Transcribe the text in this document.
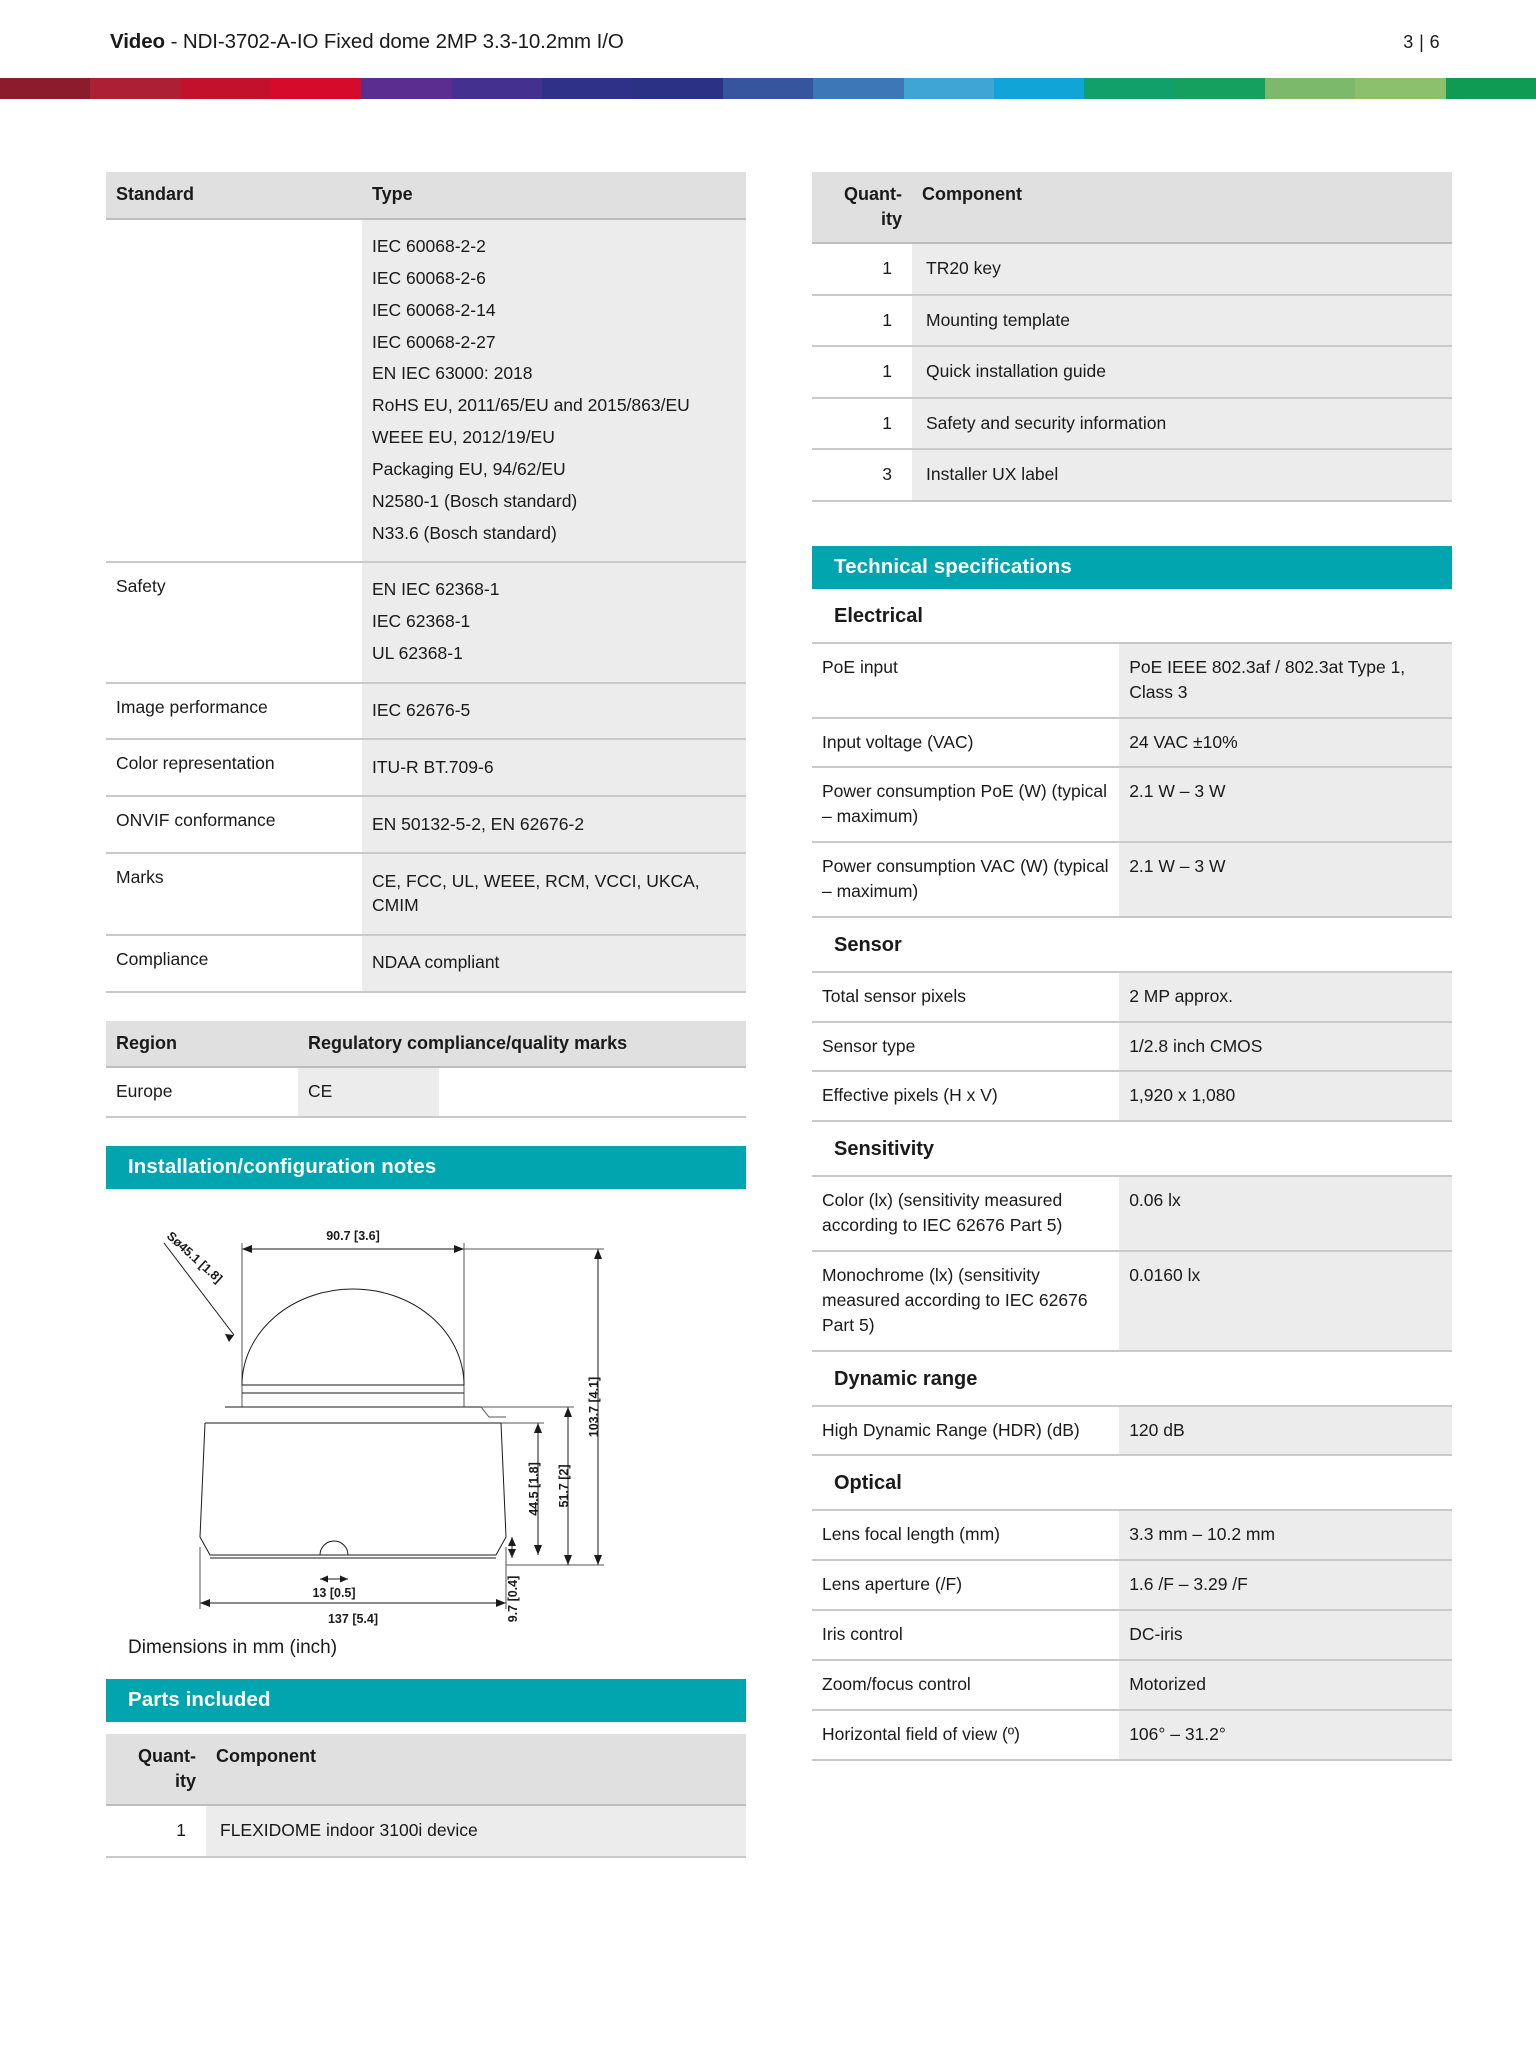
Video - NDI-3702-A-IO Fixed dome 2MP 3.3-10.2mm I/O	3 | 6
Standard	Type

IEC 60068-2-2
IEC 60068-2-6
IEC 60068-2-14
IEC 60068-2-27
EN IEC 63000: 2018
RoHS EU, 2011/65/EU and 2015/863/EU
WEEE EU, 2012/19/EU
Packaging EU, 94/62/EU
N2580-1 (Bosch standard)
N33.6 (Bosch standard)

Safety	EN IEC 62368-1
IEC 62368-1
UL 62368-1

Image performance	IEC 62676-5

Color representation	ITU-R BT.709-6

ONVIF conformance	EN 50132-5-2, EN 62676-2

Marks	CE, FCC, UL, WEEE, RCM, VCCI, UKCA, CMIM

Compliance	NDAA compliant
Region	Regulatory compliance/quality marks	
Europe	CE	
Installation/configuration notes
90.7 [3.6]
13 [0.5]
137 [5.4]
103.7 [4.1]
51.7 [2]
44.5 [1.8]
9.7 [0.4]
Sø45.1 [1.8]
Dimensions in mm (inch)
Parts included
Quant-
ity	Component
1	FLEXIDOME indoor 3100i device
Quant-
ity	Component
1	TR20 key
1	Mounting template
1	Quick installation guide
1	Safety and security information
3	Installer UX label
Technical specifications
Electrical
PoE input	PoE IEEE 802.3af / 802.3at Type 1, Class 3
Input voltage (VAC)	24 VAC ±10%
Power consumption PoE (W) (typical – maximum)	2.1 W – 3 W
Power consumption VAC (W) (typical – maximum)	2.1 W – 3 W
Sensor
Total sensor pixels	2 MP approx.
Sensor type	1/2.8 inch CMOS
Effective pixels (H x V)	1,920 x 1,080
Sensitivity
Color (lx) (sensitivity measured according to IEC 62676 Part 5)	0.06 lx
Monochrome (lx) (sensitivity measured according to IEC 62676 Part 5)	0.0160 lx
Dynamic range
High Dynamic Range (HDR) (dB)	120 dB
Optical
Lens focal length (mm)	3.3 mm – 10.2 mm
Lens aperture (/F)	1.6 /F – 3.29 /F
Iris control	DC-iris
Zoom/focus control	Motorized
Horizontal field of view (º)	106° – 31.2°
